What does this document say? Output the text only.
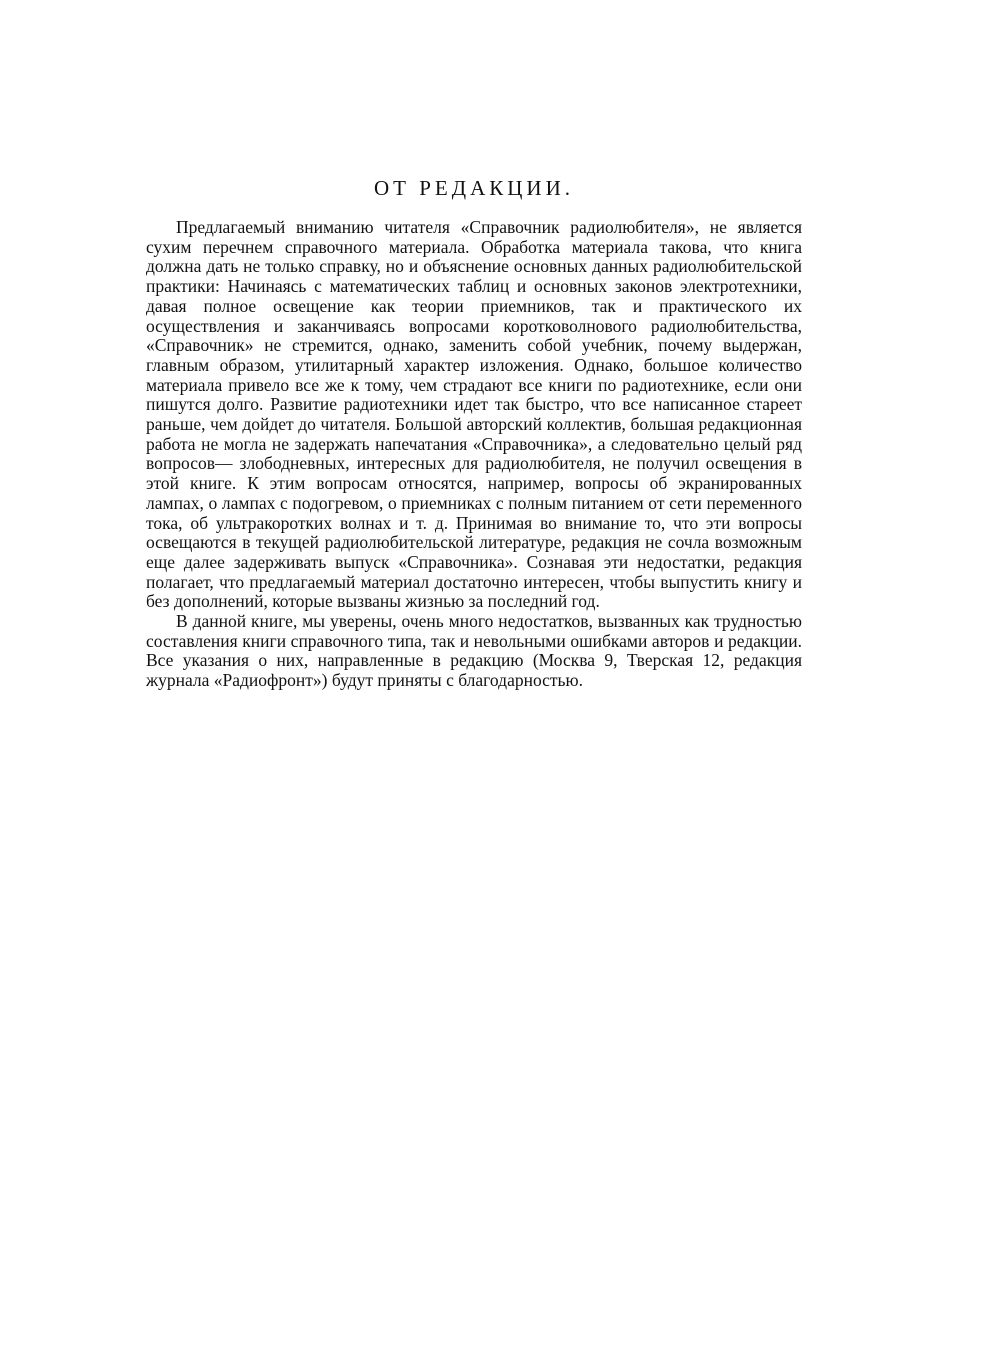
ОТ РЕДАКЦИИ.

Предлагаемый вниманию читателя «Справочник радиолюбителя», не является сухим перечнем справочного материала. Обработка материала такова, что книга должна дать не только справку, но и объяснение основных данных радиолюбительской практики: Начинаясь с математических таблиц и основных законов электротехники, давая полное освещение как теории приемников, так и практического их осуществления и заканчиваясь вопросами коротковолнового радиолюбительства, «Справочник» не стремится, однако, заменить собой учебник, почему выдержан, главным образом, утилитарный характер изложения. Однако, большое количество материала привело все же к тому, чем страдают все книги по радиотехнике, если они пишутся долго. Развитие радиотехники идет так быстро, что все написанное стареет раньше, чем дойдет до читателя. Большой авторский коллектив, большая редакционная работа не могла не задержать напечатания «Справочника», а следовательно целый ряд вопросов— злободневных, интересных для радиолюбителя, не получил освещения в этой книге. К этим вопросам относятся, например, вопросы об экранированных лампах, о лампах с подогревом, о приемниках с полным питанием от сети переменного тока, об ультракоротких волнах и т. д. Принимая во внимание то, что эти вопросы освещаются в текущей радиолюбительской литературе, редакция не сочла возможным еще далее задерживать выпуск «Справочника». Сознавая эти недостатки, редакция полагает, что предлагаемый материал достаточно интересен, чтобы выпустить книгу и без дополнений, которые вызваны жизнью за последний год.

В данной книге, мы уверены, очень много недостатков, вызванных как трудностью составления книги справочного типа, так и невольными ошибками авторов и редакции. Все указания о них, направленные в редакцию (Москва 9, Тверская 12, редакция журнала «Радиофронт») будут приняты с благодарностью.
